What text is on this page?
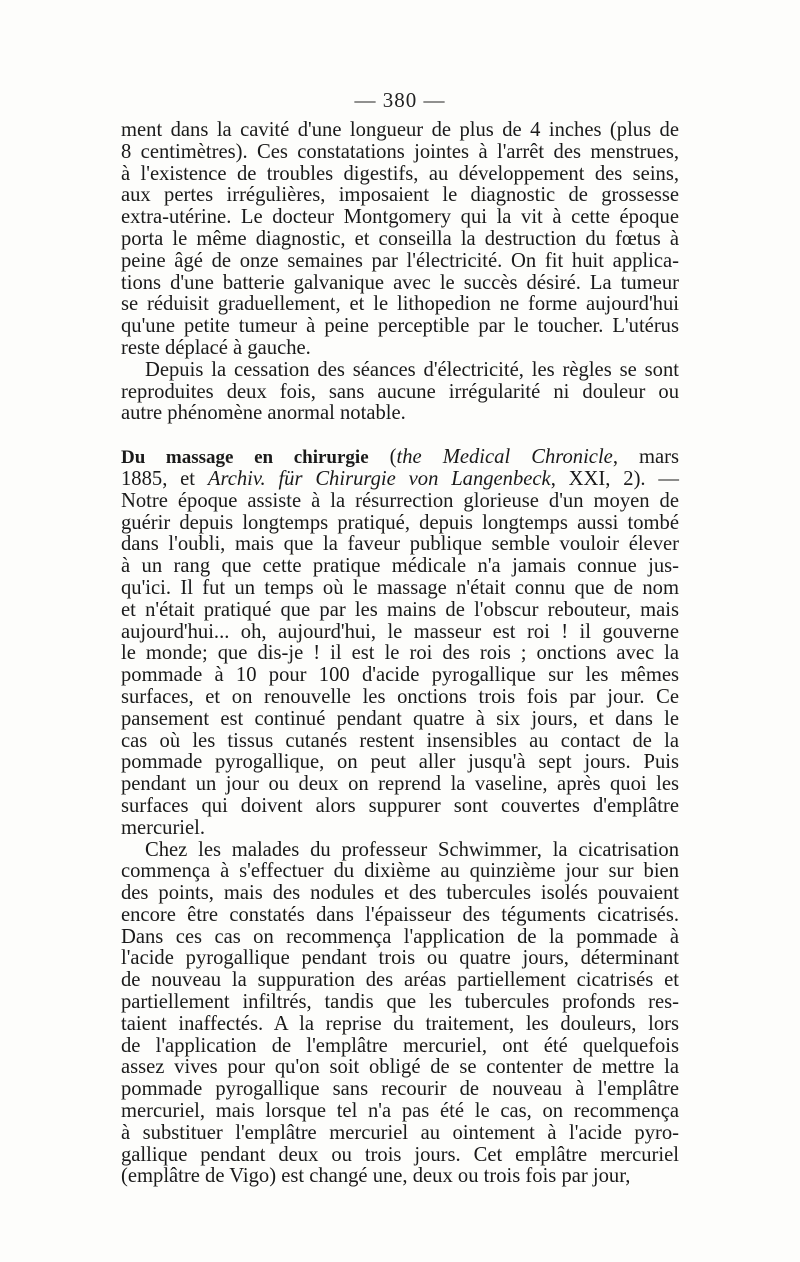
— 380 —
ment dans la cavité d'une longueur de plus de 4 inches (plus de
8 centimètres). Ces constatations jointes à l'arrêt des menstrues,
à l'existence de troubles digestifs, au développement des seins,
aux pertes irrégulières, imposaient le diagnostic de grossesse
extra-utérine. Le docteur Montgomery qui la vit à cette époque
porta le même diagnostic, et conseilla la destruction du fœtus à
peine âgé de onze semaines par l'électricité. On fit huit applica-
tions d'une batterie galvanique avec le succès désiré. La tumeur
se réduisit graduellement, et le lithopedion ne forme aujourd'hui
qu'une petite tumeur à peine perceptible par le toucher. L'utérus
reste déplacé à gauche.
Depuis la cessation des séances d'électricité, les règles se sont
reproduites deux fois, sans aucune irrégularité ni douleur ou
autre phénomène anormal notable.
Du massage en chirurgie (the Medical Chronicle, mars
1885, et Archiv. für Chirurgie von Langenbeck, XXI, 2). —
Notre époque assiste à la résurrection glorieuse d'un moyen de
guérir depuis longtemps pratiqué, depuis longtemps aussi tombé
dans l'oubli, mais que la faveur publique semble vouloir élever
à un rang que cette pratique médicale n'a jamais connue jus-
qu'ici. Il fut un temps où le massage n'était connu que de nom
et n'était pratiqué que par les mains de l'obscur rebouteur, mais
aujourd'hui... oh, aujourd'hui, le masseur est roi ! il gouverne
le monde; que dis-je ! il est le roi des rois ; onctions avec la
pommade à 10 pour 100 d'acide pyrogallique sur les mêmes
surfaces, et on renouvelle les onctions trois fois par jour. Ce
pansement est continué pendant quatre à six jours, et dans le
cas où les tissus cutanés restent insensibles au contact de la
pommade pyrogallique, on peut aller jusqu'à sept jours. Puis
pendant un jour ou deux on reprend la vaseline, après quoi les
surfaces qui doivent alors suppurer sont couvertes d'emplâtre
mercuriel.
Chez les malades du professeur Schwimmer, la cicatrisation
commença à s'effectuer du dixième au quinzième jour sur bien
des points, mais des nodules et des tubercules isolés pouvaient
encore être constatés dans l'épaisseur des téguments cicatrisés.
Dans ces cas on recommença l'application de la pommade à
l'acide pyrogallique pendant trois ou quatre jours, déterminant
de nouveau la suppuration des aréas partiellement cicatrisés et
partiellement infiltrés, tandis que les tubercules profonds res-
taient inaffectés. A la reprise du traitement, les douleurs, lors
de l'application de l'emplâtre mercuriel, ont été quelquefois
assez vives pour qu'on soit obligé de se contenter de mettre la
pommade pyrogallique sans recourir de nouveau à l'emplâtre
mercuriel, mais lorsque tel n'a pas été le cas, on recommença
à substituer l'emplâtre mercuriel au ointement à l'acide pyro-
gallique pendant deux ou trois jours. Cet emplâtre mercuriel
(emplâtre de Vigo) est changé une, deux ou trois fois par jour,
